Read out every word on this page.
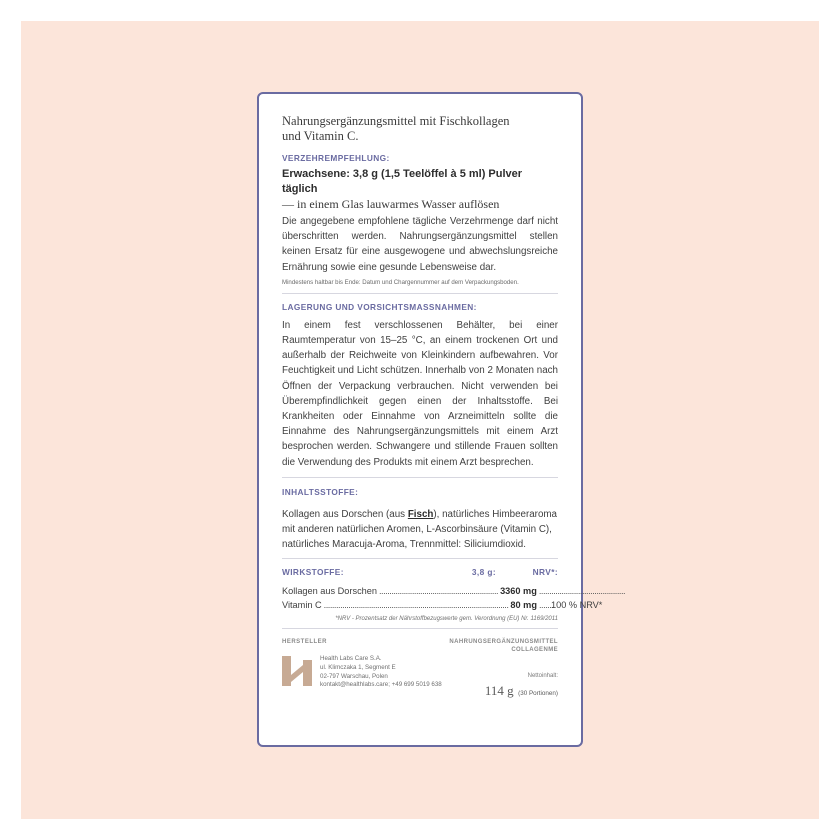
Nahrungsergänzungsmittel mit Fischkollagen
und Vitamin C.
VERZEHREMPFEHLUNG:
Erwachsene: 3,8 g (1,5 Teelöffel à 5 ml) Pulver täglich
— in einem Glas lauwarmes Wasser auflösen
Die angegebene empfohlene tägliche Verzehrmenge darf nicht überschritten werden. Nahrungsergänzungsmittel stellen keinen Ersatz für eine ausgewogene und abwechslungsreiche Ernährung sowie eine gesunde Lebensweise dar.
Mindestens haltbar bis Ende: Datum und Chargennummer auf dem Verpackungsboden.
LAGERUNG UND VORSICHTSMASSNAHMEN:
In einem fest verschlossenen Behälter, bei einer Raumtemperatur von 15–25 °C, an einem trockenen Ort und außerhalb der Reichweite von Kleinkindern aufbewahren. Vor Feuchtigkeit und Licht schützen. Innerhalb von 2 Monaten nach Öffnen der Verpackung verbrauchen. Nicht verwenden bei Überempfindlichkeit gegen einen der Inhaltsstoffe. Bei Krankheiten oder Einnahme von Arzneimitteln sollte die Einnahme des Nahrungsergänzungsmittels mit einem Arzt besprochen werden. Schwangere und stillende Frauen sollten die Verwendung des Produkts mit einem Arzt besprechen.
INHALTSSTOFFE:
Kollagen aus Dorschen (aus Fisch), natürliches Himbeeraroma mit anderen natürlichen Aromen, L-Ascorbinsäure (Vitamin C), natürliches Maracuja-Aroma, Trennmittel: Siliciumdioxid.
WIRKSTOFFE:	3,8 g:	NRV*:
Kollagen aus Dorschen .......................................................... 3360 mg ..........................................
Vitamin C .......................................................................................... 80 mg .......
100 % NRV*
*NRV - Prozentsatz der Nährstoffbezugswerte gem. Verordnung (EU) Nr. 1169/2011
HERSTELLER
Health Labs Care S.A.
ul. Klimczaka 1, Segment E
02-797 Warschau, Polen
kontakt@healthlabs.care; +49 699 5019 638
NAHRUNGSERGÄNZUNGSMITTEL
COLLAGENME
Nettoinhalt:
114 g (30 Portionen)
